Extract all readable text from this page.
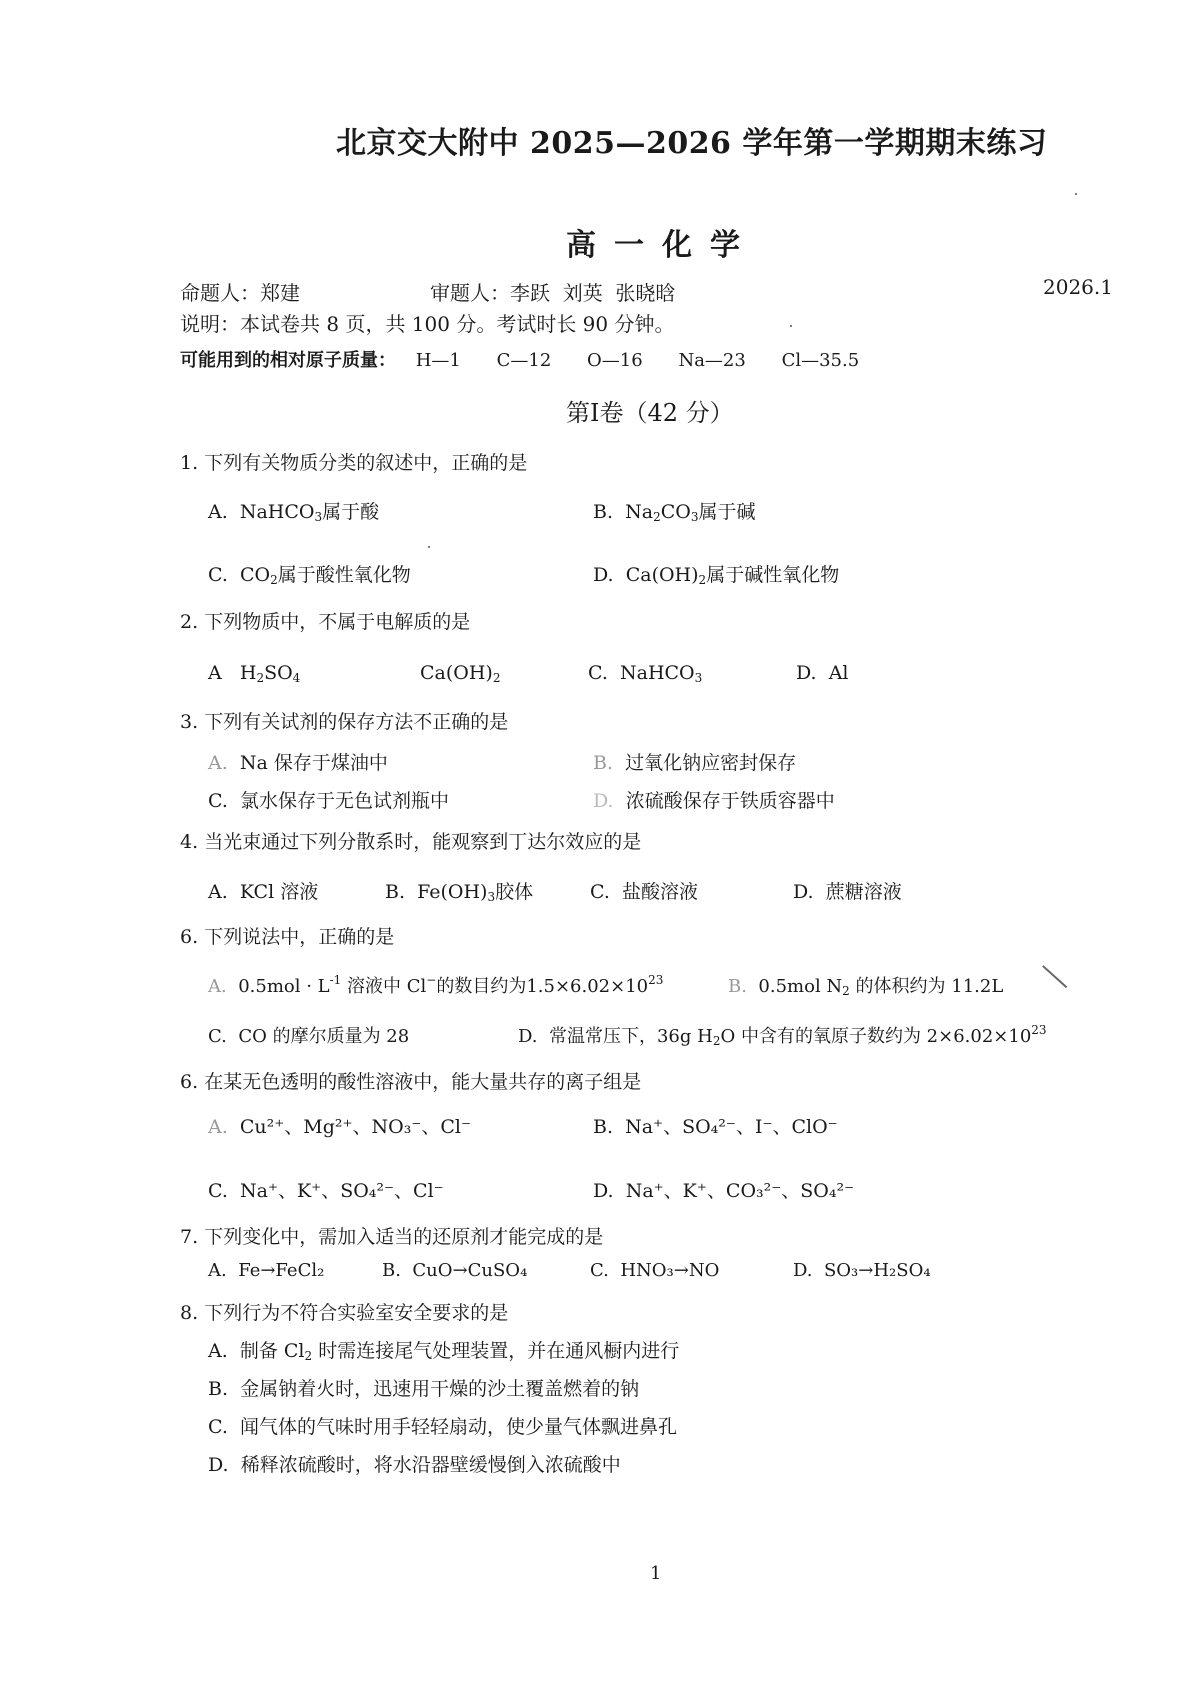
北京交大附中 2025—2026 学年第一学期期末练习
高一化学
命题人：郑建	审题人：李跃  刘英  张晓晗	2026.1
说明：本试卷共 8 页，共 100 分。考试时长 90 分钟。
可能用到的相对原子质量： H—1 C—12 O—16 Na—23 Cl—35.5
第I卷（42 分）
1. 下列有关物质分类的叙述中，正确的是
A. NaHCO$_3$属于酸	B. $Na_2CO_3$属于碱
C. $CO_2$属于酸性氧化物	D. $Ca(OH)_2$属于碱性氧化物
2. 下列物质中，不属于电解质的是
A $H_2SO_4$	$Ca(OH)_2$	C. NaHCO$_3$	D. Al
3. 下列有关试剂的保存方法不正确的是
A. Na 保存于煤油中	B. 过氧化钠应密封保存
C. 氯水保存于无色试剂瓶中	D. 浓硫酸保存于铁质容器中
4. 当光束通过下列分散系时，能观察到丁达尔效应的是
A. KCl 溶液	B. $Fe(OH)_3$胶体	C. 盐酸溶液	D. 蔗糖溶液
6. 下列说法中，正确的是
A. $0.5mol \cdot L^{-1}$ 溶液中 Cl−的数目约为$1.5\times 6.02\times 10^{23}$	B. 0.5mol $N_2$ 的体积约为 11.2L
C. CO 的摩尔质量为 28	D. 常温常压下，36g $H_2O$ 中含有的氧原子数约为 $2\times 6.02\times 10^{23}$
6. 在某无色透明的酸性溶液中，能大量共存的离子组是
A. Cu²⁺、Mg²⁺、NO₃⁻、Cl⁻	B. Na⁺、SO₄²⁻、I⁻、ClO⁻
C. Na⁺、K⁺、SO₄²⁻、Cl⁻	D. Na⁺、K⁺、CO₃²⁻、SO₄²⁻
7. 下列变化中，需加入适当的还原剂才能完成的是
A. Fe→FeCl₂	B. CuO→CuSO₄	C. HNO₃→NO	D. SO₃→H₂SO₄
8. 下列行为不符合实验室安全要求的是
A. 制备 $Cl_2$ 时需连接尾气处理装置，并在通风橱内进行
B. 金属钠着火时，迅速用干燥的沙土覆盖燃着的钠
C. 闻气体的气味时用手轻轻扇动，使少量气体飘进鼻孔
D. 稀释浓硫酸时，将水沿器壁缓慢倒入浓硫酸中
1
